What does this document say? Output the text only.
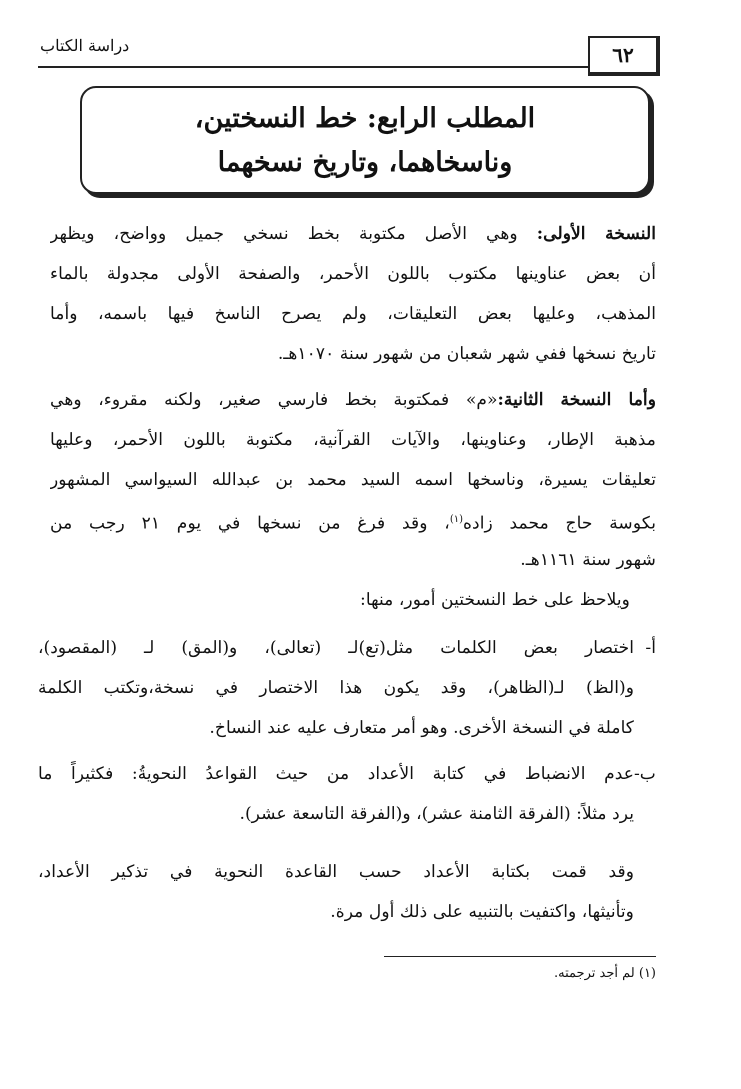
دراسة الكتاب	٦٢
المطلب الرابع: خط النسختين،
وناسخاهما، وتاريخ نسخهما
النسخة الأولى: وهي الأصل مكتوبة بخط نسخي جميل وواضح، ويظهر
أن بعض عناوينها مكتوب باللون الأحمر، والصفحة الأولى مجدولة بالماء
المذهب، وعليها بعض التعليقات، ولم يصرح الناسخ فيها باسمه، وأما
تاريخ نسخها ففي شهر شعبان من شهور سنة ١٠٧٠هـ.
وأما النسخة الثانية:«م» فمكتوبة بخط فارسي صغير، ولكنه مقروء، وهي
مذهبة الإطار، وعناوينها، والآيات القرآنية، مكتوبة باللون الأحمر، وعليها
تعليقات يسيرة، وناسخها اسمه السيد محمد بن عبدالله السيواسي المشهور
بكوسة حاج محمد زاده$^{(١)}$، وقد فرغ من نسخها في يوم ٢١ رجب من
شهور سنة ١١٦١هـ.
ويلاحظ على خط النسختين أمور، منها:
أ-اختصار بعض الكلمات مثل(تع)لـ (تعالى)، و(المق) لـ (المقصود)،
و(الظ) لـ(الظاهر)، وقد يكون هذا الاختصار في نسخة،وتكتب الكلمة
كاملة في النسخة الأخرى. وهو أمر متعارف عليه عند النساخ.
ب-عدم الانضباط في كتابة الأعداد من حيث القواعدُ النحويةُ: فكثيراً ما
يرد مثلاً: (الفرقة الثامنة عشر)، و(الفرقة التاسعة عشر).
وقد قمت بكتابة الأعداد حسب القاعدة النحوية في تذكير الأعداد،
وتأنيثها، واكتفيت بالتنبيه على ذلك أول مرة.
(١) لم أجد ترجمته.
